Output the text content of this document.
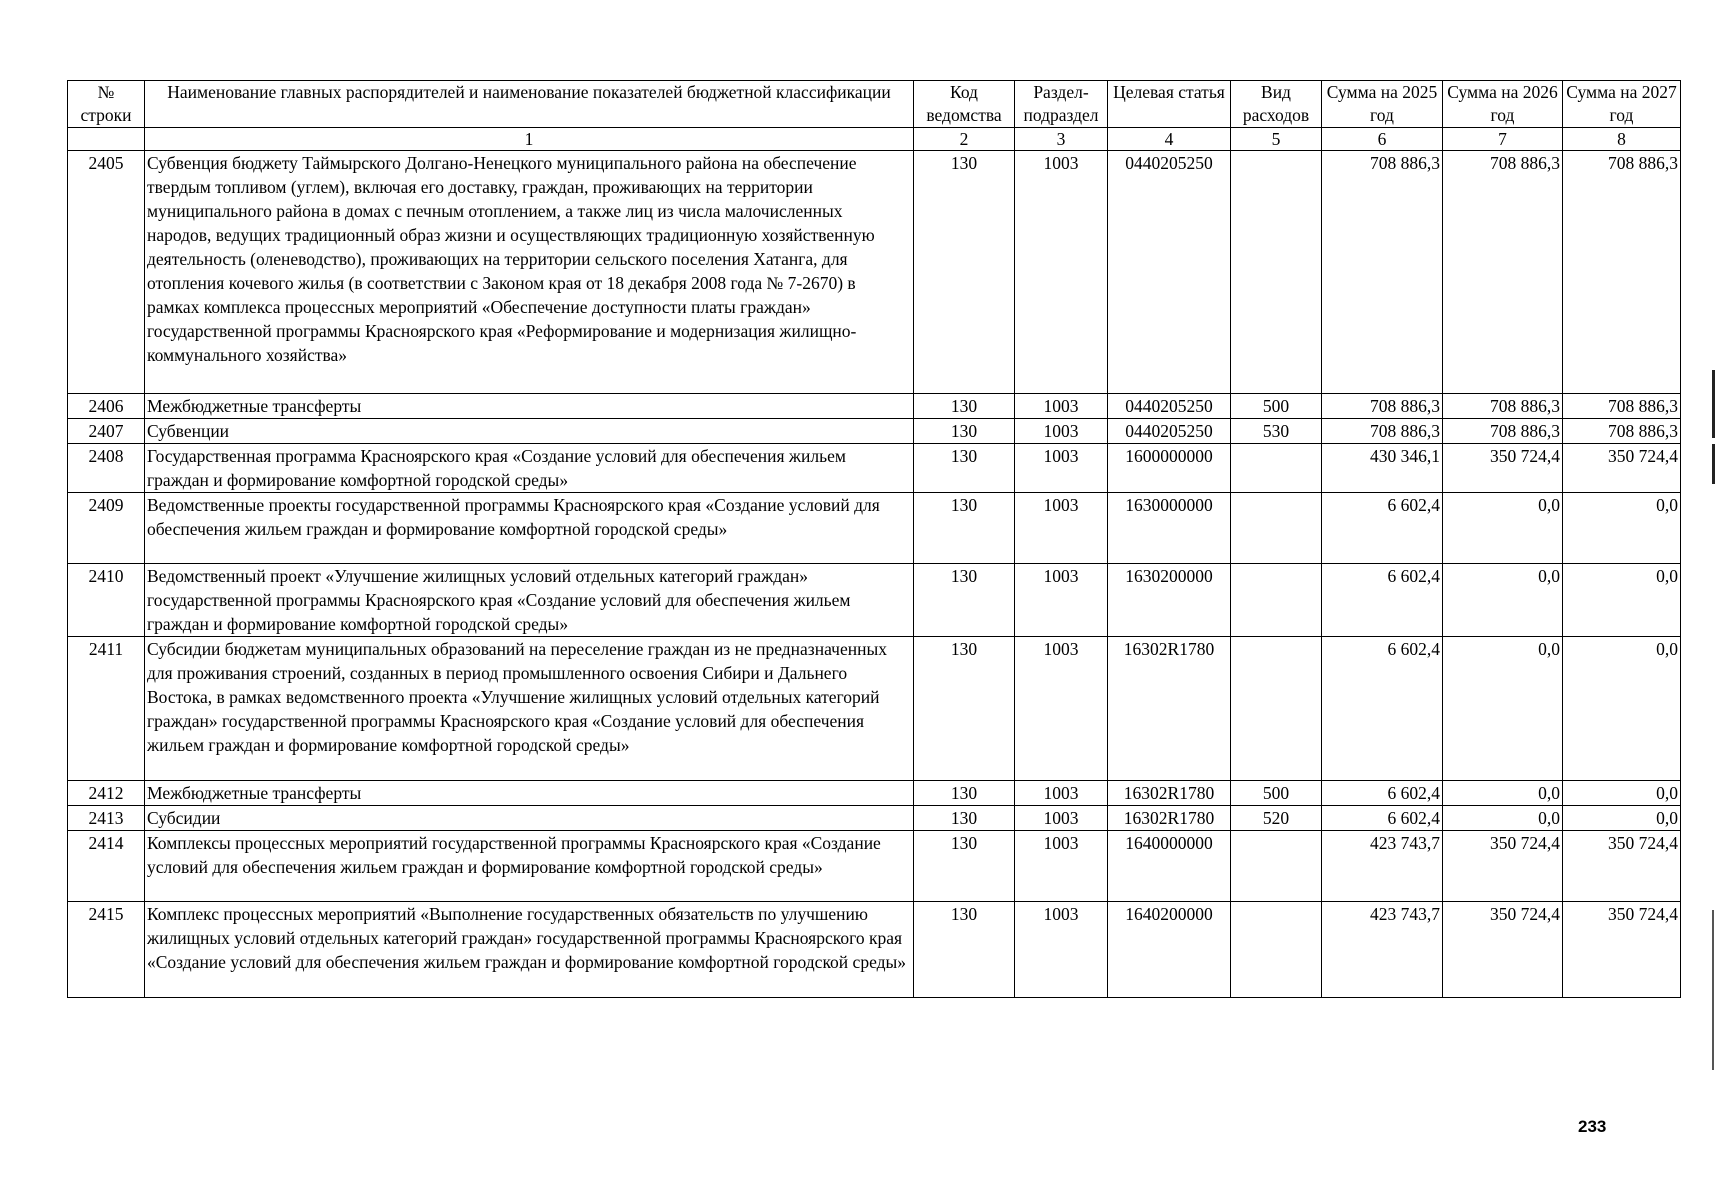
№ строки	Наименование главных распорядителей и наименование показателей бюджетной классификации	Код ведомства	Раздел-подраздел	Целевая статья	Вид расходов	Сумма на 2025 год	Сумма на 2026 год	Сумма на 2027 год
	1	2	3	4	5	6	7	8
2405	Субвенция бюджету Таймырского Долгано-Ненецкого муниципального района на обеспечение твердым топливом (углем), включая его доставку, граждан, проживающих на территории муниципального района в домах с печным отоплением, а также лиц из числа малочисленных народов, ведущих традиционный образ жизни и осуществляющих традиционную хозяйственную деятельность (оленеводство), проживающих на территории сельского поселения Хатанга, для отопления кочевого жилья (в соответствии с Законом края от 18 декабря 2008 года № 7-2670) в рамках комплекса процессных мероприятий «Обеспечение доступности платы граждан» государственной программы Красноярского края «Реформирование и модернизация жилищно-коммунального хозяйства»	130	1003	0440205250		708 886,3	708 886,3	708 886,3
2406	Межбюджетные трансферты	130	1003	0440205250	500	708 886,3	708 886,3	708 886,3
2407	Субвенции	130	1003	0440205250	530	708 886,3	708 886,3	708 886,3
2408	Государственная программа Красноярского края «Создание условий для обеспечения жильем граждан и формирование комфортной городской среды»	130	1003	1600000000		430 346,1	350 724,4	350 724,4
2409	Ведомственные проекты государственной программы Красноярского края «Создание условий для обеспечения жильем граждан и формирование комфортной городской среды»	130	1003	1630000000		6 602,4	0,0	0,0
2410	Ведомственный проект «Улучшение жилищных условий отдельных категорий граждан» государственной программы Красноярского края «Создание условий для обеспечения жильем граждан и формирование комфортной городской среды»	130	1003	1630200000		6 602,4	0,0	0,0
2411	Субсидии бюджетам муниципальных образований на переселение граждан из не предназначенных для проживания строений, созданных в период промышленного освоения Сибири и Дальнего Востока, в рамках ведомственного проекта «Улучшение жилищных условий отдельных категорий граждан» государственной программы Красноярского края «Создание условий для обеспечения жильем граждан и формирование комфортной городской среды»	130	1003	16302R1780		6 602,4	0,0	0,0
2412	Межбюджетные трансферты	130	1003	16302R1780	500	6 602,4	0,0	0,0
2413	Субсидии	130	1003	16302R1780	520	6 602,4	0,0	0,0
2414	Комплексы процессных мероприятий государственной программы Красноярского края «Создание условий для обеспечения жильем граждан и формирование комфортной городской среды»	130	1003	1640000000		423 743,7	350 724,4	350 724,4
2415	Комплекс процессных мероприятий «Выполнение государственных обязательств по улучшению жилищных условий отдельных категорий граждан» государственной программы Красноярского края «Создание условий для обеспечения жильем граждан и формирование комфортной городской среды»	130	1003	1640200000		423 743,7	350 724,4	350 724,4
233
